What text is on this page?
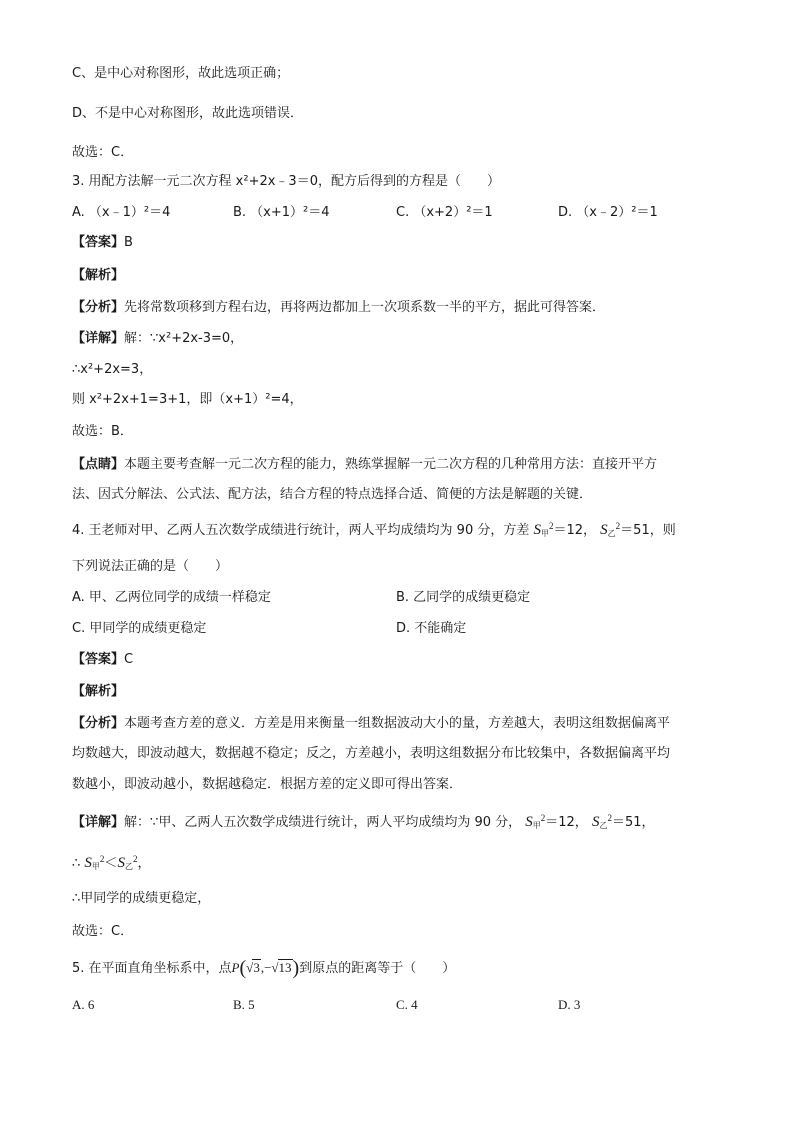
C、是中心对称图形，故此选项正确；
D、不是中心对称图形，故此选项错误．
故选：C．
3. 用配方法解一元二次方程 x²+2x﹣3＝0，配方后得到的方程是（　　）
A. （x﹣1）²＝4	B. （x+1）²＝4	C. （x+2）²＝1	D. （x﹣2）²＝1
【答案】B
【解析】
【分析】先将常数项移到方程右边，再将两边都加上一次项系数一半的平方，据此可得答案．
【详解】解：∵x²+2x-3=0，
∴x²+2x=3，
则 x²+2x+1=3+1，即（x+1）²=4，
故选：B．
【点睛】本题主要考查解一元二次方程的能力，熟练掌握解一元二次方程的几种常用方法：直接开平方
法、因式分解法、公式法、配方法，结合方程的特点选择合适、简便的方法是解题的关键．
4. 王老师对甲、乙两人五次数学成绩进行统计，两人平均成绩均为 90 分，方差 $S_甲^2=12$， $S_乙^2=51$，则
下列说法正确的是（　　）
A. 甲、乙两位同学的成绩一样稳定	B. 乙同学的成绩更稳定
C. 甲同学的成绩更稳定	D. 不能确定
【答案】C
【解析】
【分析】本题考查方差的意义．方差是用来衡量一组数据波动大小的量，方差越大，表明这组数据偏离平
均数越大，即波动越大，数据越不稳定；反之，方差越小，表明这组数据分布比较集中，各数据偏离平均
数越小，即波动越小，数据越稳定．根据方差的定义即可得出答案．
【详解】解：∵甲、乙两人五次数学成绩进行统计，两人平均成绩均为 90 分， $S_甲^2=12$， $S_乙^2=51$，
∴ $S_甲^2<S_乙^2$，
∴甲同学的成绩更稳定，
故选：C．
5. 在平面直角坐标系中，点P(√3,−√13)到原点的距离等于（　　）
A. 6	B. 5	C. 4	D. 3
